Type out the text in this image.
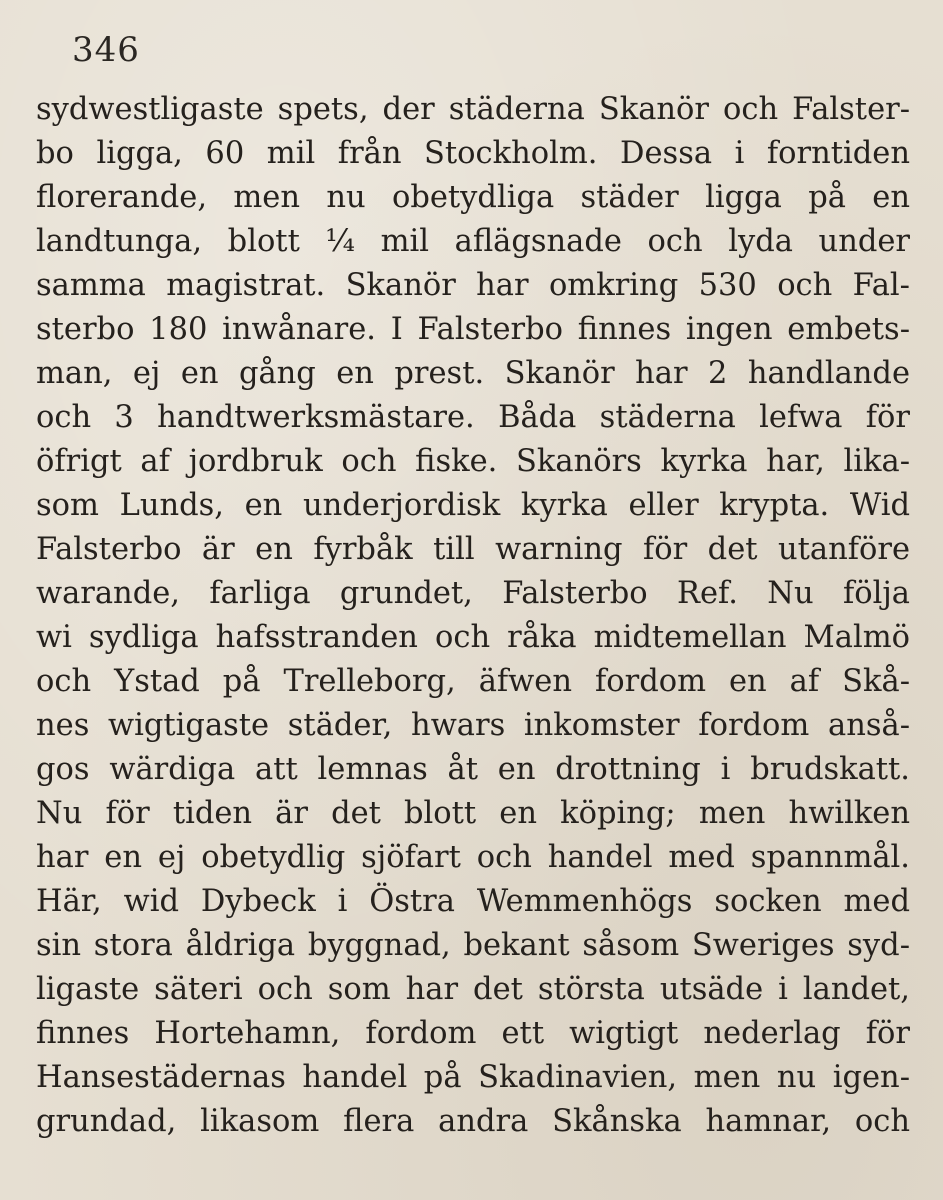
346
sydwestligaste spets, der städerna Skanör och Falster-
bo ligga, 60 mil från Stockholm. Dessa i forntiden
florerande, men nu obetydliga städer ligga på en
landtunga, blott ¼ mil aflägsnade och lyda under
samma magistrat. Skanör har omkring 530 och Fal-
sterbo 180 inwånare. I Falsterbo finnes ingen embets-
man, ej en gång en prest. Skanör har 2 handlande
och 3 handtwerksmästare. Båda städerna lefwa för
öfrigt af jordbruk och fiske. Skanörs kyrka har, lika-
som Lunds, en underjordisk kyrka eller krypta. Wid
Falsterbo är en fyrbåk till warning för det utanföre
warande, farliga grundet, Falsterbo Ref. Nu följa
wi sydliga hafsstranden och råka midtemellan Malmö
och Ystad på Trelleborg, äfwen fordom en af Skå-
nes wigtigaste städer, hwars inkomster fordom anså-
gos wärdiga att lemnas åt en drottning i brudskatt.
Nu för tiden är det blott en köping; men hwilken
har en ej obetydlig sjöfart och handel med spannmål.
Här, wid Dybeck i Östra Wemmenhögs socken med
sin stora åldriga byggnad, bekant såsom Sweriges syd-
ligaste säteri och som har det största utsäde i landet,
finnes Hortehamn, fordom ett wigtigt nederlag för
Hansestädernas handel på Skadinavien, men nu igen-
grundad, likasom flera andra Skånska hamnar, och
